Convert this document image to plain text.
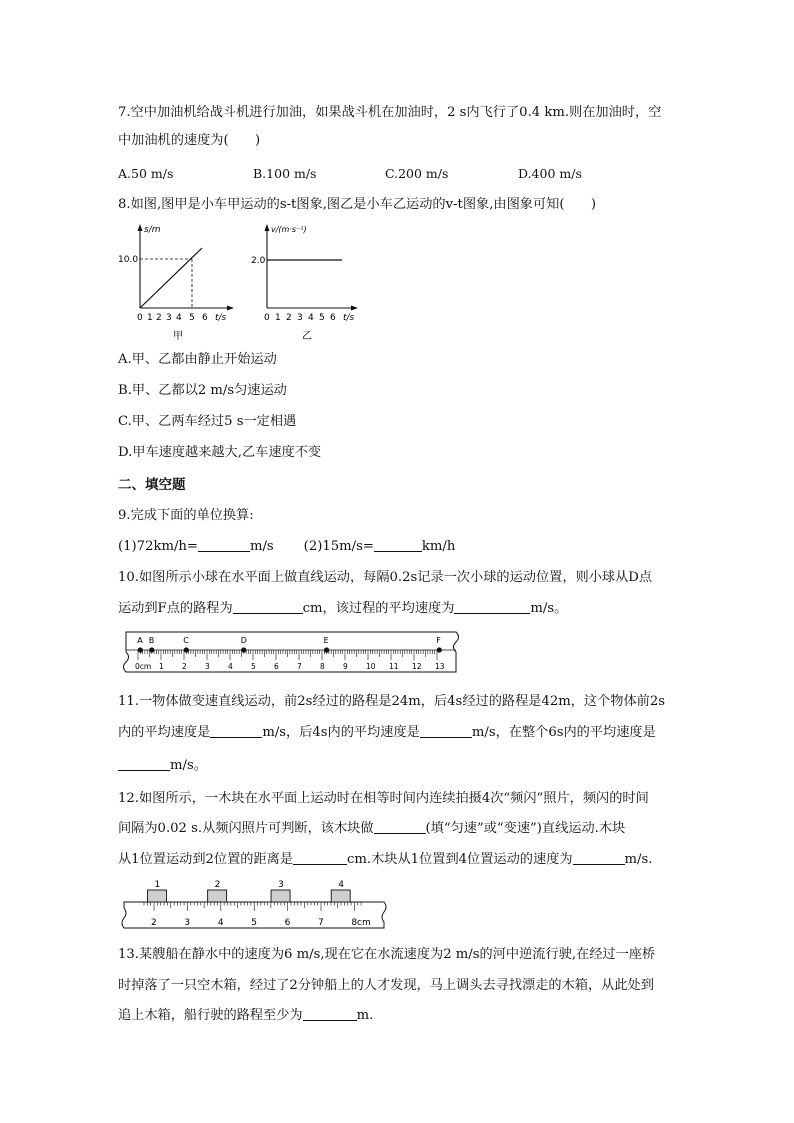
7.空中加油机给战斗机进行加油，如果战斗机在加油时，2 s内飞行了0.4 km.则在加油时，空
中加油机的速度为(　　)
A.50 m/s	B.100 m/s	C.200 m/s	D.400 m/s
8.如图,图甲是小车甲运动的s-t图象,图乙是小车乙运动的v-t图象,由图象可知(　　)
s/m
10.0
0 1 2 3 4 5 6 t/s
甲
v/(m·s⁻¹)
2.0
0 1 2 3 4 5 6 t/s
乙
A.甲、乙都由静止开始运动
B.甲、乙都以2 m/s匀速运动
C.甲、乙两车经过5 s一定相遇
D.甲车速度越来越大,乙车速度不变
二、填空题
9.完成下面的单位换算:
(1)72km/h=	m/s (2)15m/s=	km/h
10.如图所示小球在水平面上做直线运动，每隔0.2s记录一次小球的运动位置，则小球从D点
运动到F点的路程为	cm，该过程的平均速度为	m/s。
A B	C	D	E	F
0cm 1 2 3 4 5 6 7 8 9 10 11 12 13
11.一物体做变速直线运动，前2s经过的路程是24m，后4s经过的路程是42m，这个物体前2s
内的平均速度是	m/s，后4s内的平均速度是	m/s，在整个6s内的平均速度是
m/s。
12.如图所示，一木块在水平面上运动时在相等时间内连续拍摄4次“频闪”照片，频闪的时间
间隔为0.02 s.从频闪照片可判断，该木块做	(填“匀速”或“变速”)直线运动.木块
从1位置运动到2位置的距离是	cm.木块从1位置到4位置运动的速度为	m/s.
1	2	3	4
2	3	4	5	6	7	8 cm
13.某艘船在静水中的速度为6 m/s,现在它在水流速度为2 m/s的河中逆流行驶,在经过一座桥
时掉落了一只空木箱，经过了2分钟船上的人才发现，马上调头去寻找漂走的木箱，从此处到
追上木箱，船行驶的路程至少为	m.
